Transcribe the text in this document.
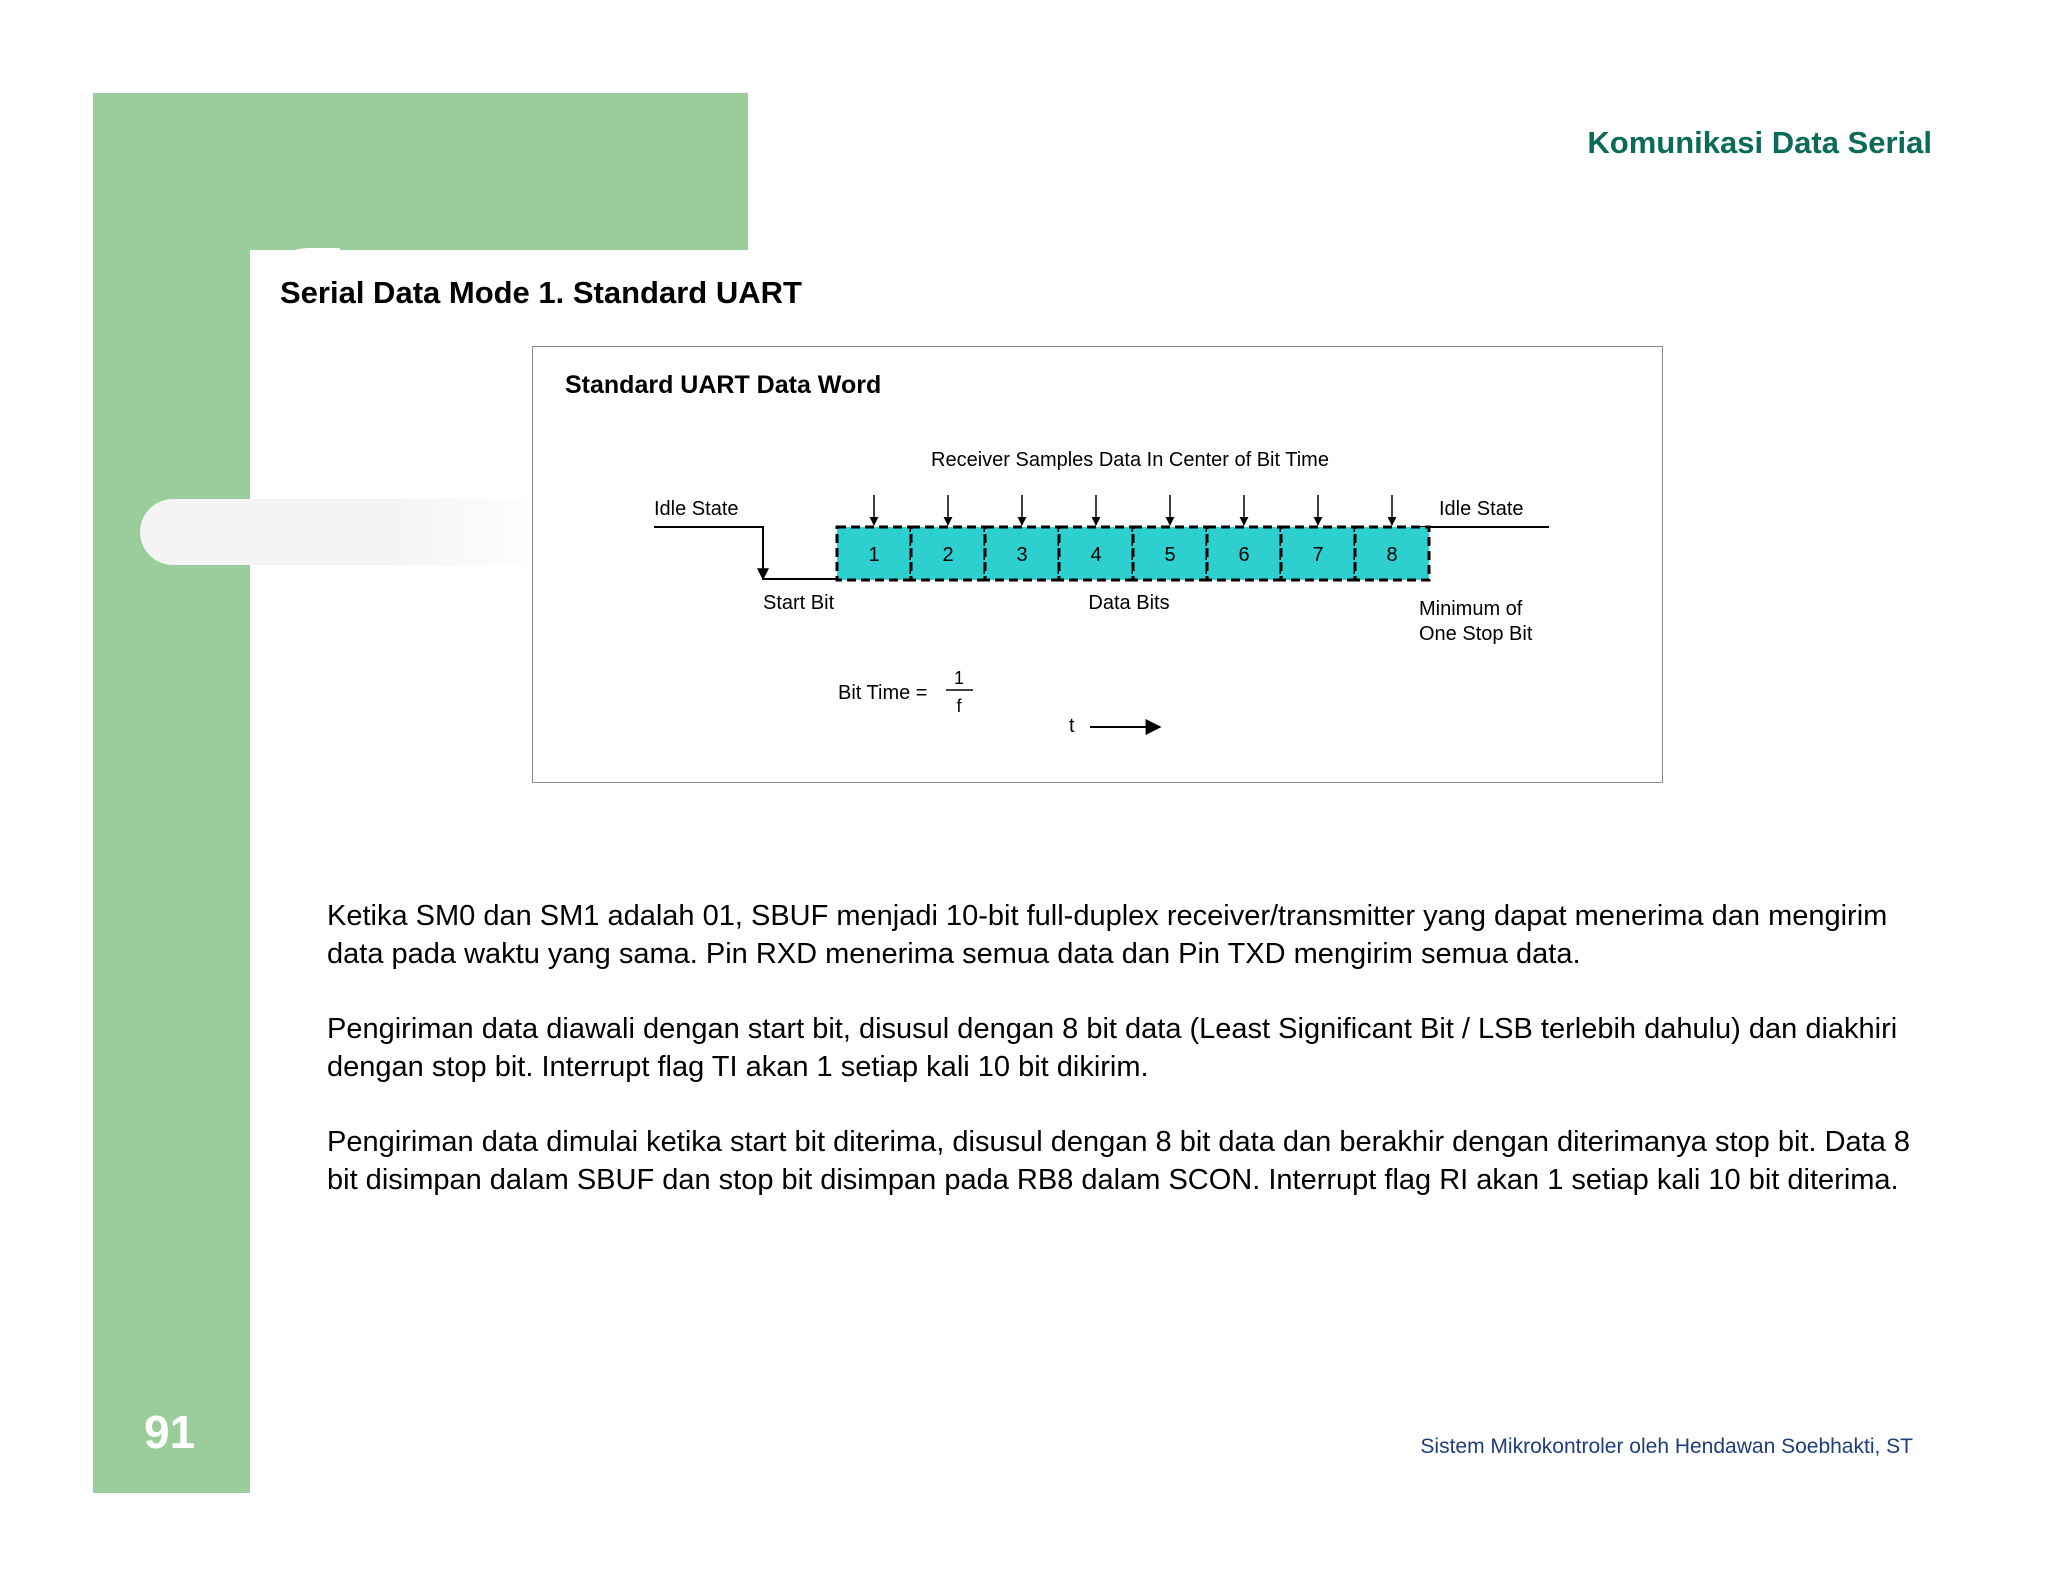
Komunikasi Data Serial
Serial Data Mode 1. Standard UART
Standard UART Data Word
Receiver Samples Data In Center of Bit Time
Idle State	Idle State
1	2	3	4	5	6	7	8
Start Bit	Data Bits	Minimum of
One Stop Bit
Bit Time =
1
f
t

Ketika SM0 dan SM1 adalah 01, SBUF menjadi 10-bit full-duplex receiver/transmitter yang dapat menerima dan mengirim data pada waktu yang sama. Pin RXD menerima semua data dan Pin TXD mengirim semua data.

Pengiriman data diawali dengan start bit, disusul dengan 8 bit data (Least Significant Bit / LSB terlebih dahulu) dan diakhiri dengan stop bit. Interrupt flag TI akan 1 setiap kali 10 bit dikirim.

Pengiriman data dimulai ketika start bit diterima, disusul dengan 8 bit data dan berakhir dengan diterimanya stop bit. Data 8 bit disimpan dalam SBUF dan stop bit disimpan pada RB8 dalam SCON. Interrupt flag RI akan 1 setiap kali 10 bit diterima.

91	Sistem Mikrokontroler oleh Hendawan Soebhakti, ST
